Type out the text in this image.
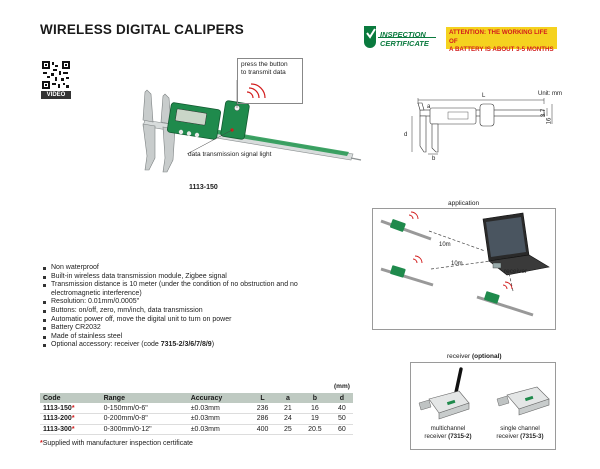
WIRELESS DIGITAL CALIPERS	INSPECTION
CERTIFICATE
ATTENTION: THE WORKING LIFE OF
A BATTERY IS ABOUT 3-5 MONTHS
VIDEO
press the button
to transmit data
data transmission signal light
1113-150
Unit: mm
L
a
b
d
3.7
16
application
10m
10m
receiver
Non waterproof
Built-in wireless data transmission module, Zigbee signal
Transmission distance is 10 meter (under the condition of no obstruction and no electromagnetic interference)
Resolution: 0.01mm/0.0005"
Buttons: on/off, zero, mm/inch, data transmission
Automatic power off, move the digital unit to turn on power
Battery CR2032
Made of stainless steel
Optional accessory: receiver (code 7315-2/3/6/7/8/9)
(mm)
Code	Range	Accuracy	L	a	b	d
1113-150*	0-150mm/0-6"	±0.03mm	236	21	16	40
1113-200*	0-200mm/0-8"	±0.03mm	286	24	19	50
1113-300*	0-300mm/0-12"	±0.03mm	400	25	20.5	60
*Supplied with manufacturer inspection certificate
receiver (optional)
multichannel
receiver (7315-2)
single channel
receiver (7315-3)
